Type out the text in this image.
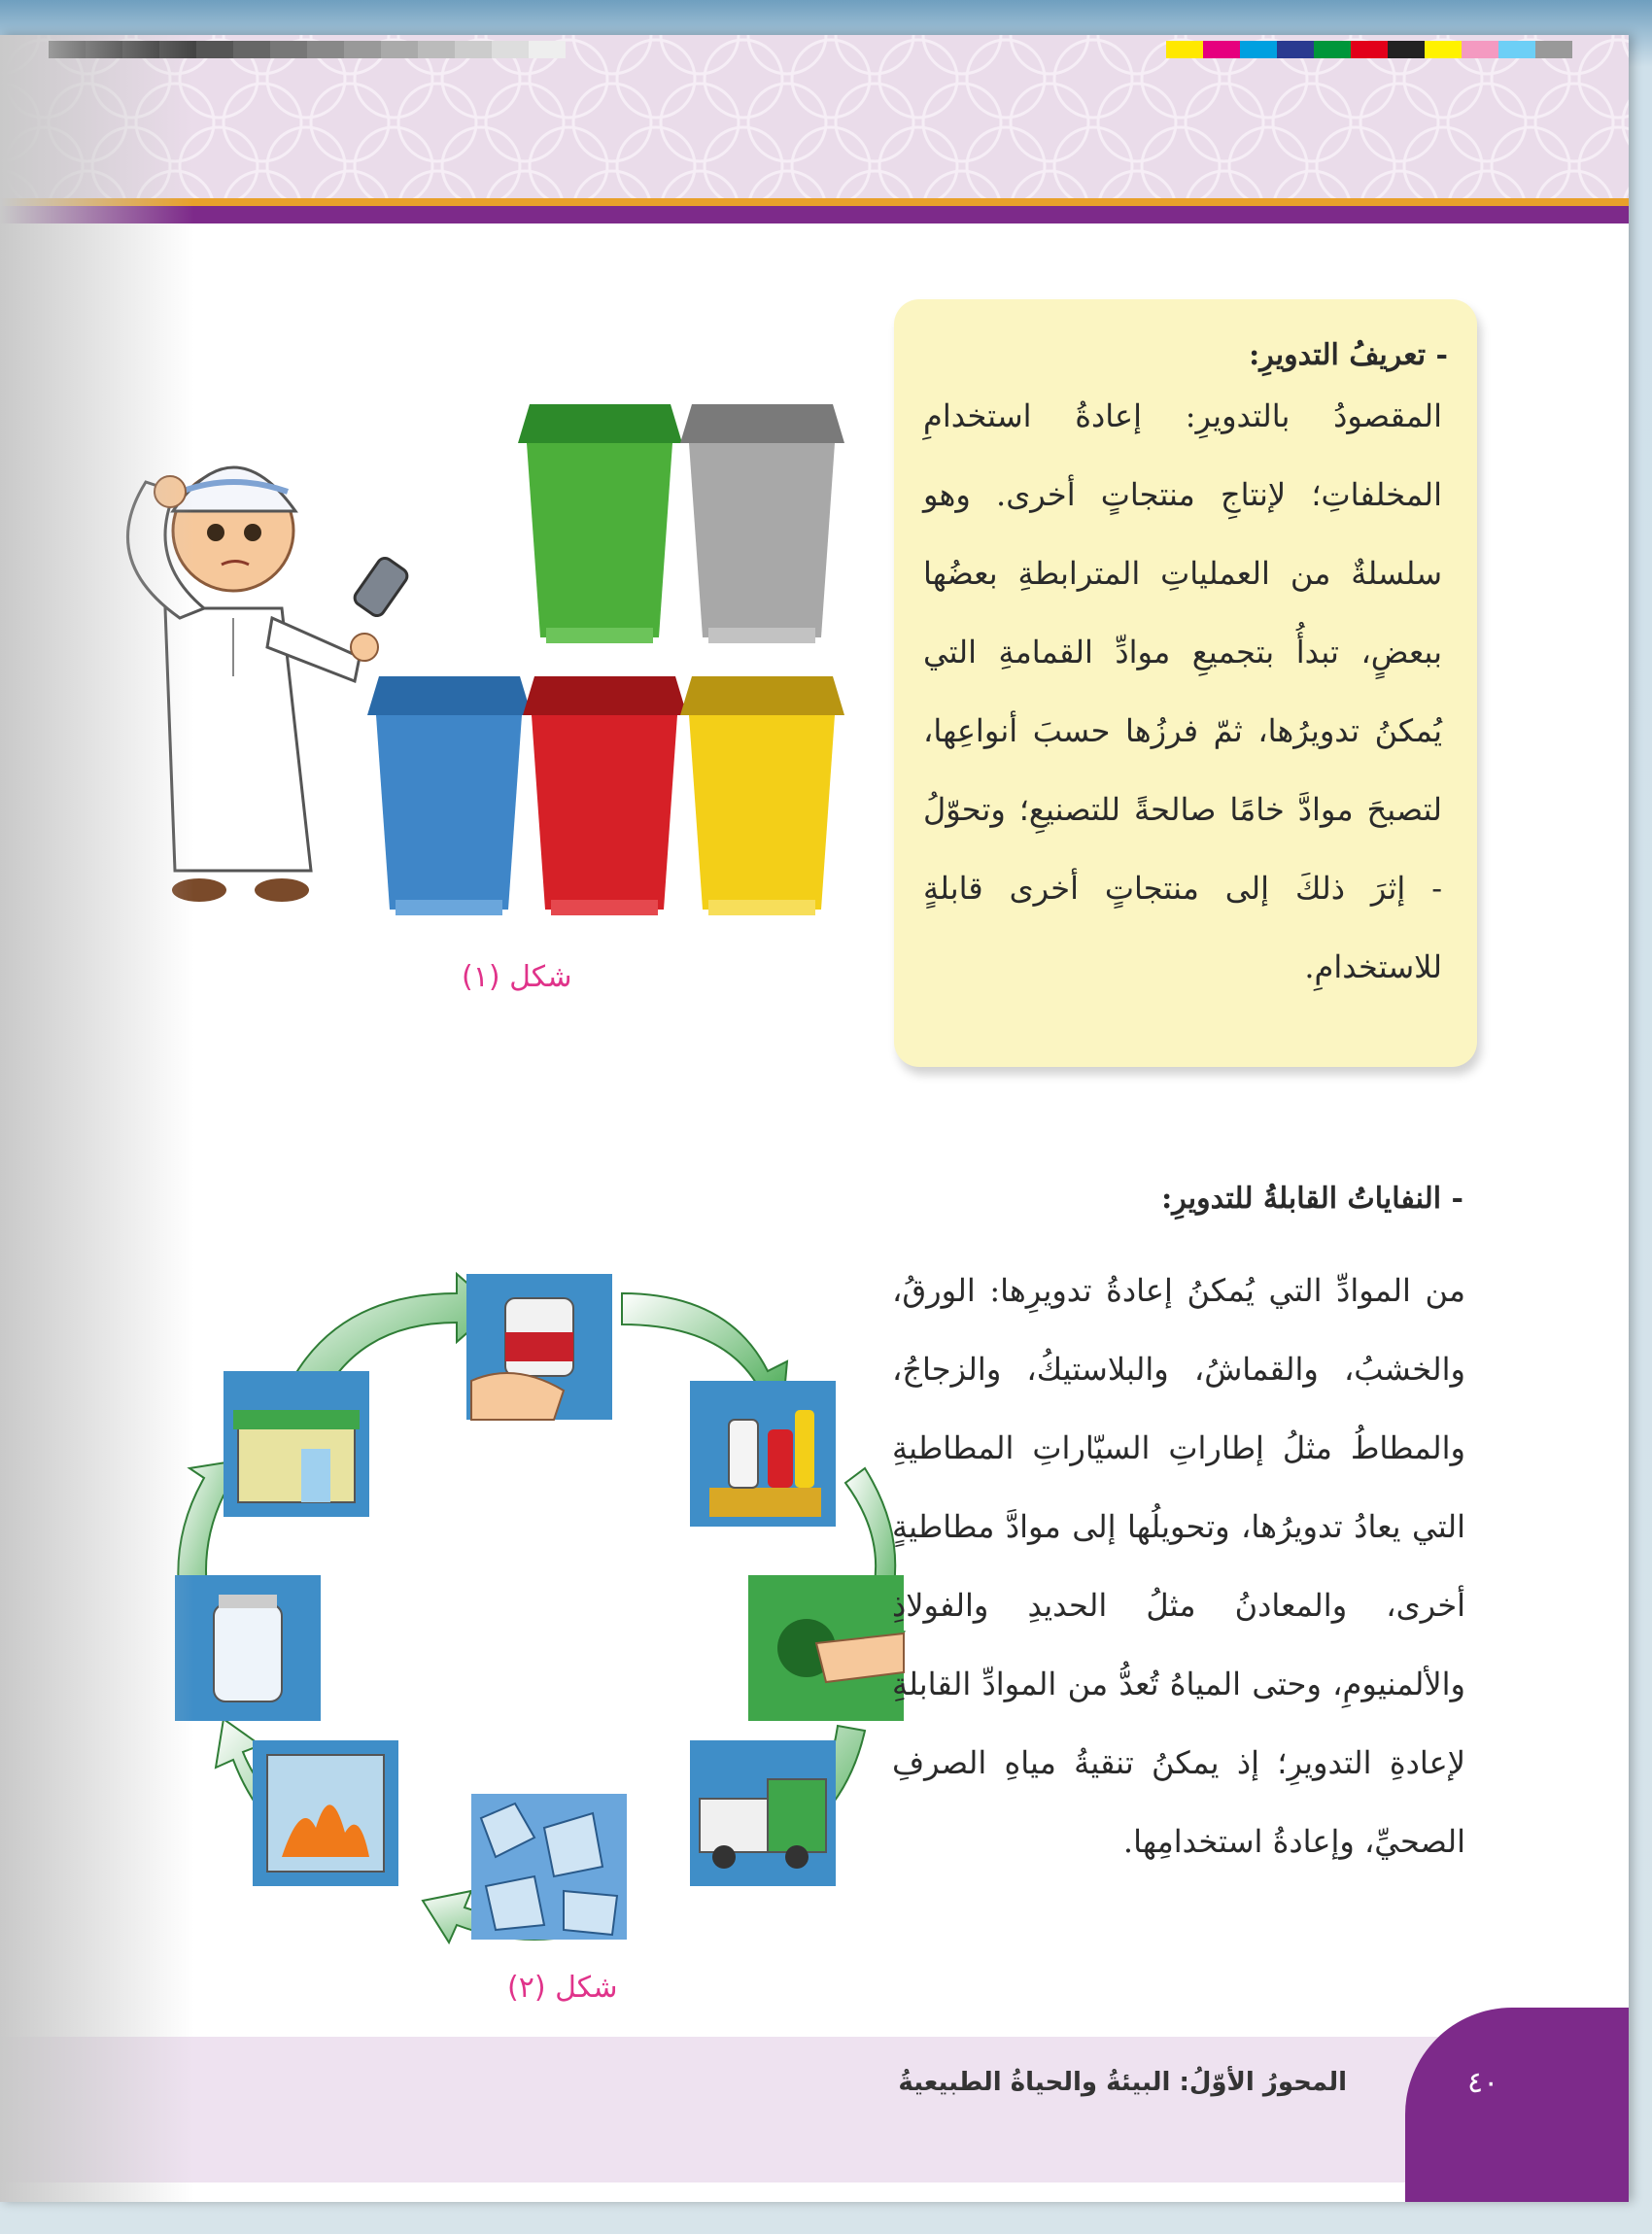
شكل (١)
- تعريفُ التدويرِ:
المقصودُ بالتدويرِ: إعادةُ استخدامِ المخلفاتِ؛ لإنتاجِ منتجاتٍ أخرى. وهو سلسلةٌ من العملياتِ المترابطةِ بعضُها ببعضٍ، تبدأُ بتجميعِ موادِّ القمامةِ التي يُمكنُ تدويرُها، ثمّ فرزُها حسبَ أنواعِها، لتصبحَ موادَّ خامًا صالحةً للتصنيعِ؛ وتحوّلُ - إثرَ ذلكَ إلى منتجاتٍ أخرى قابلةٍ للاستخدامِ.
شكل (٢)
- النفاياتُ القابلةُ للتدويرِ:
من الموادِّ التي يُمكنُ إعادةُ تدويرِها: الورقُ، والخشبُ، والقماشُ، والبلاستيكُ، والزجاجُ، والمطاطُ مثلُ إطاراتِ السيّاراتِ المطاطيةِ التي يعادُ تدويرُها، وتحويلُها إلى موادَّ مطاطيةٍ أخرى، والمعادنُ مثلُ الحديدِ والفولاذِ والألمنيومِ، وحتى المياهُ تُعدُّ من الموادِّ القابلةِ لإعادةِ التدويرِ؛ إذ يمكنُ تنقيةُ مياهِ الصرفِ الصحيِّ، وإعادةُ استخدامِها.
المحورُ الأوّلُ: البيئةُ والحياةُ الطبيعيةُ	٤٠
